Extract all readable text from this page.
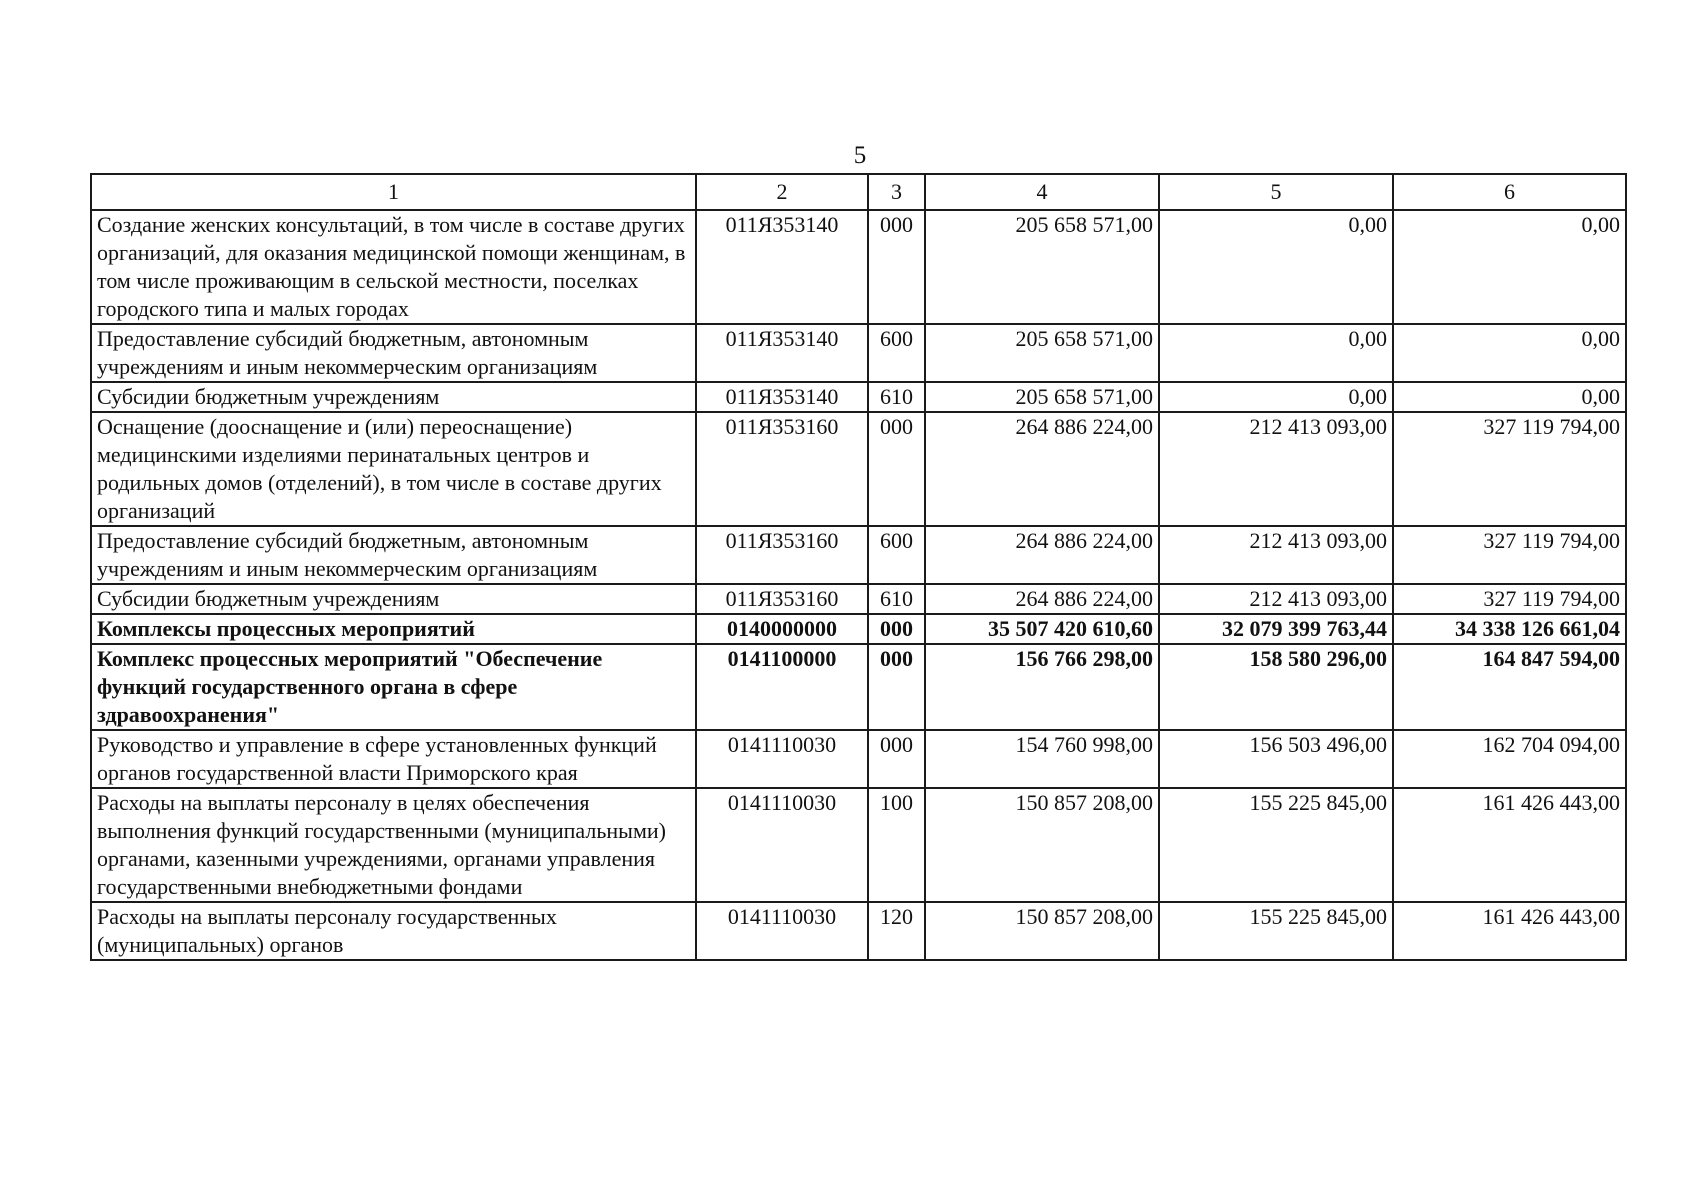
5
1	2	3	4	5	6
Создание женских консультаций, в том числе в составе других организаций, для оказания медицинской помощи женщинам, в том числе проживающим в сельской местности, поселках городского типа и малых городах	011Я353140	000	205 658 571,00	0,00	0,00
Предоставление субсидий бюджетным, автономным учреждениям и иным некоммерческим организациям	011Я353140	600	205 658 571,00	0,00	0,00
Субсидии бюджетным учреждениям	011Я353140	610	205 658 571,00	0,00	0,00
Оснащение (дооснащение и (или) переоснащение) медицинскими изделиями перинатальных центров и родильных домов (отделений), в том числе в составе других организаций	011Я353160	000	264 886 224,00	212 413 093,00	327 119 794,00
Предоставление субсидий бюджетным, автономным учреждениям и иным некоммерческим организациям	011Я353160	600	264 886 224,00	212 413 093,00	327 119 794,00
Субсидии бюджетным учреждениям	011Я353160	610	264 886 224,00	212 413 093,00	327 119 794,00
Комплексы процессных мероприятий	0140000000	000	35 507 420 610,60	32 079 399 763,44	34 338 126 661,04
Комплекс процессных мероприятий "Обеспечение функций государственного органа в сфере здравоохранения"	0141100000	000	156 766 298,00	158 580 296,00	164 847 594,00
Руководство и управление в сфере установленных функций органов государственной власти Приморского края	0141110030	000	154 760 998,00	156 503 496,00	162 704 094,00
Расходы на выплаты персоналу в целях обеспечения выполнения функций государственными (муниципальными) органами, казенными учреждениями, органами управления государственными внебюджетными фондами	0141110030	100	150 857 208,00	155 225 845,00	161 426 443,00
Расходы на выплаты персоналу государственных (муниципальных) органов	0141110030	120	150 857 208,00	155 225 845,00	161 426 443,00
